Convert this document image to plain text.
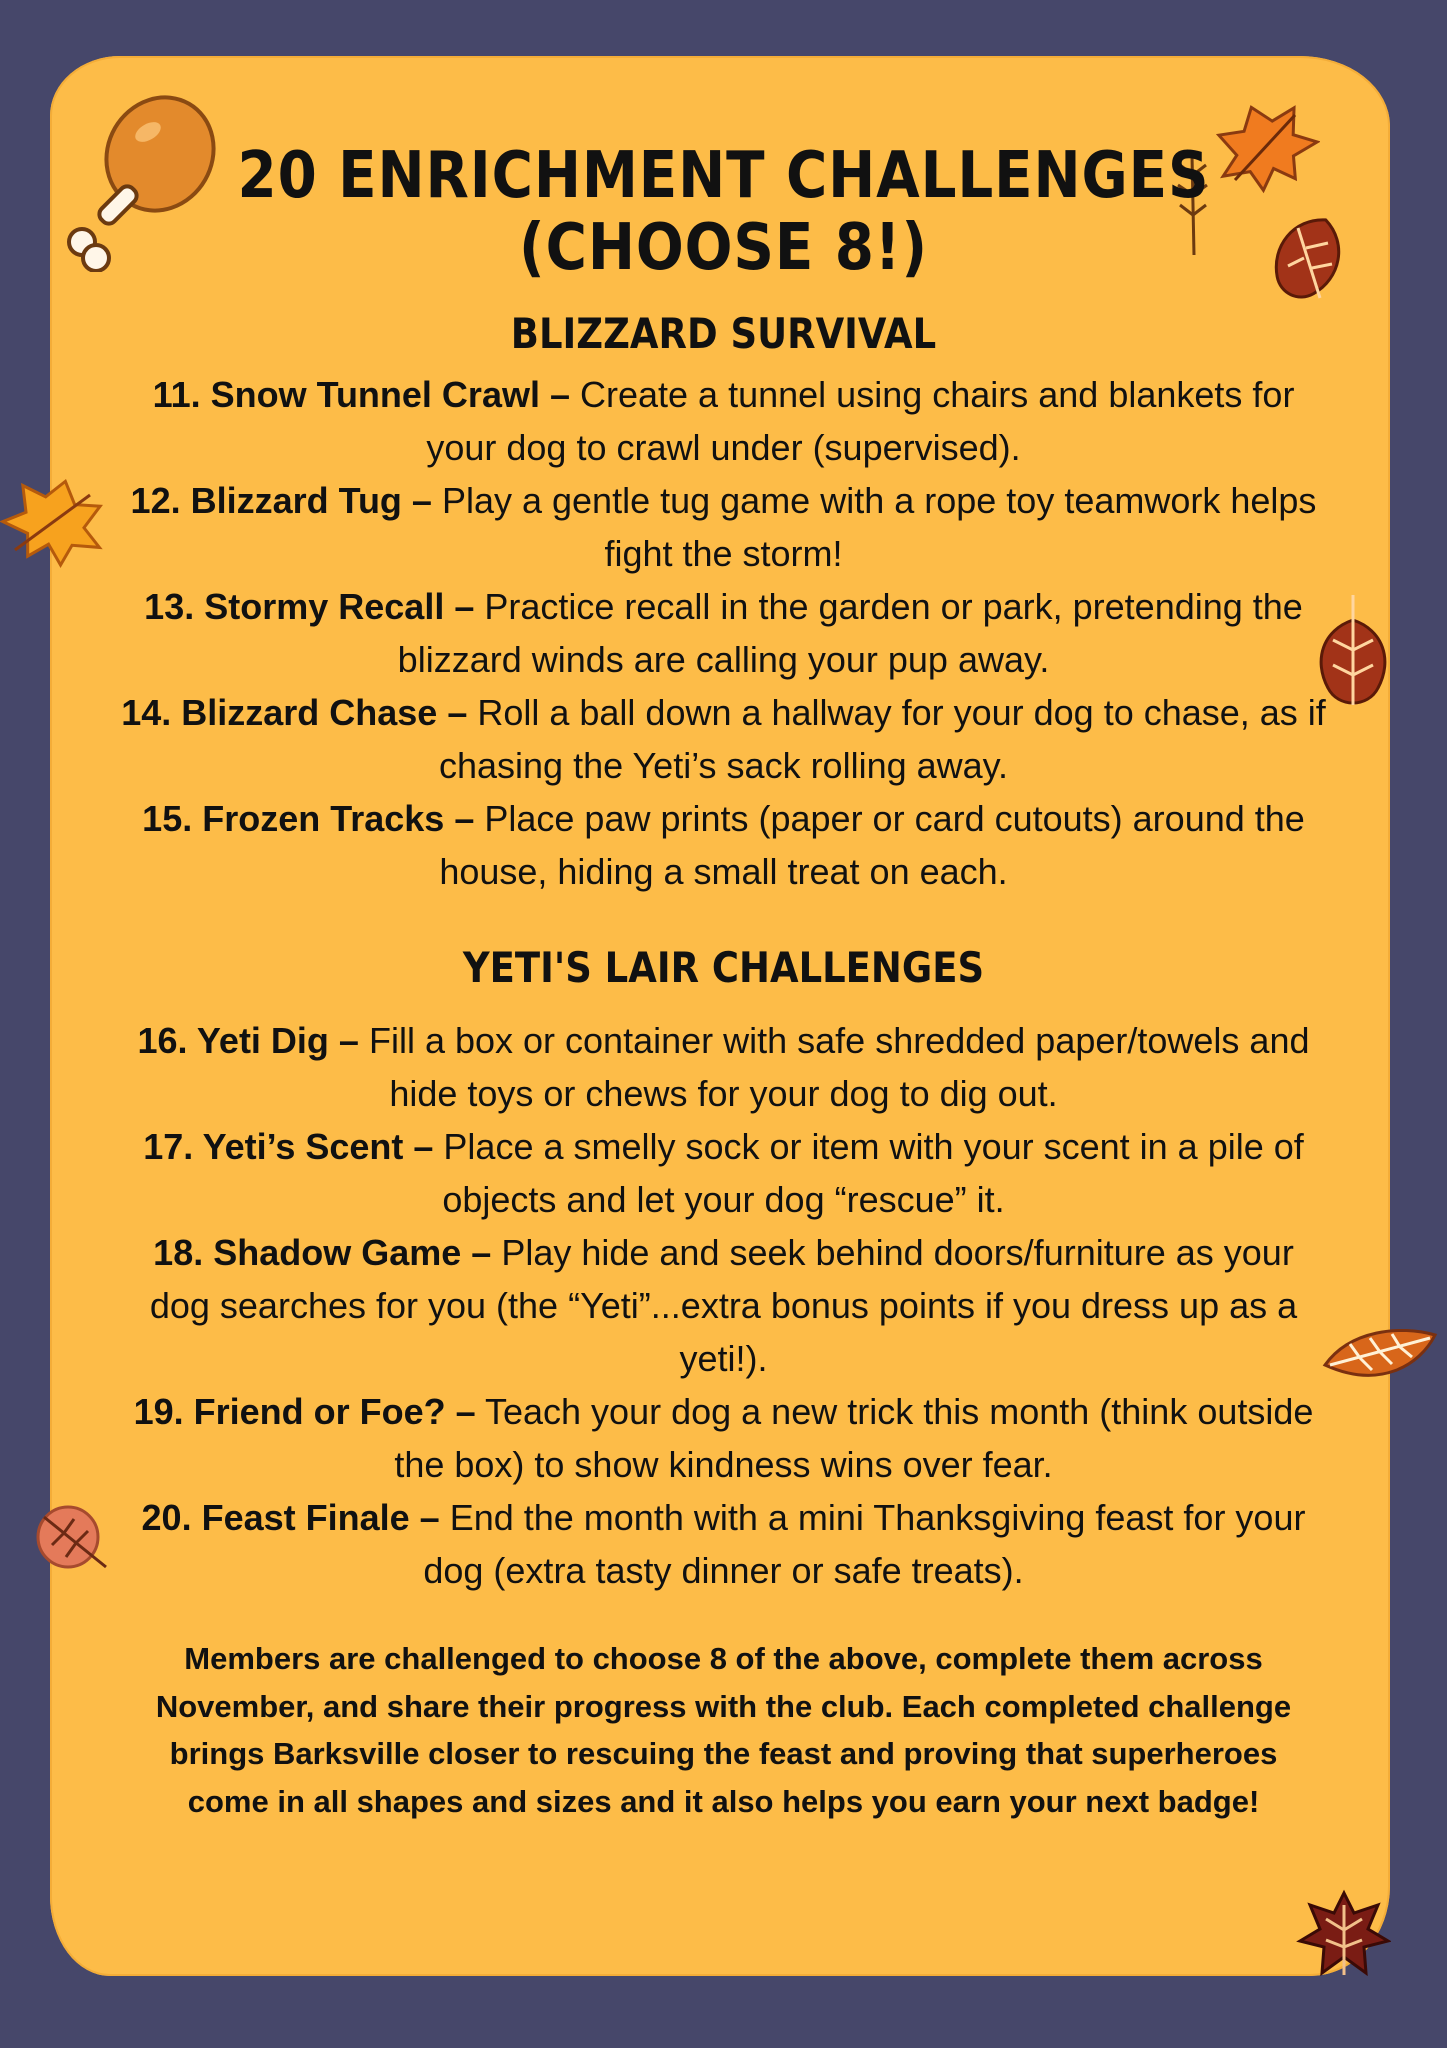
20 ENRICHMENT CHALLENGES
(CHOOSE 8!)
BLIZZARD SURVIVAL

11. Snow Tunnel Crawl – Create a tunnel using chairs and blankets for your dog to crawl under (supervised).

12. Blizzard Tug – Play a gentle tug game with a rope toy teamwork helps fight the storm!

13. Stormy Recall – Practice recall in the garden or park, pretending the blizzard winds are calling your pup away.

14. Blizzard Chase – Roll a ball down a hallway for your dog to chase, as if chasing the Yeti’s sack rolling away.

15. Frozen Tracks – Place paw prints (paper or card cutouts) around the house, hiding a small treat on each.

YETI'S LAIR CHALLENGES

16. Yeti Dig – Fill a box or container with safe shredded paper/towels and hide toys or chews for your dog to dig out.

17. Yeti’s Scent – Place a smelly sock or item with your scent in a pile of objects and let your dog “rescue” it.

18. Shadow Game – Play hide and seek behind doors/furniture as your dog searches for you (the “Yeti”...extra bonus points if you dress up as a yeti!).

19. Friend or Foe? – Teach your dog a new trick this month (think outside the box) to show kindness wins over fear.

20. Feast Finale – End the month with a mini Thanksgiving feast for your dog (extra tasty dinner or safe treats).

Members are challenged to choose 8 of the above, complete them across November, and share their progress with the club. Each completed challenge brings Barksville closer to rescuing the feast and proving that superheroes come in all shapes and sizes and it also helps you earn your next badge!
